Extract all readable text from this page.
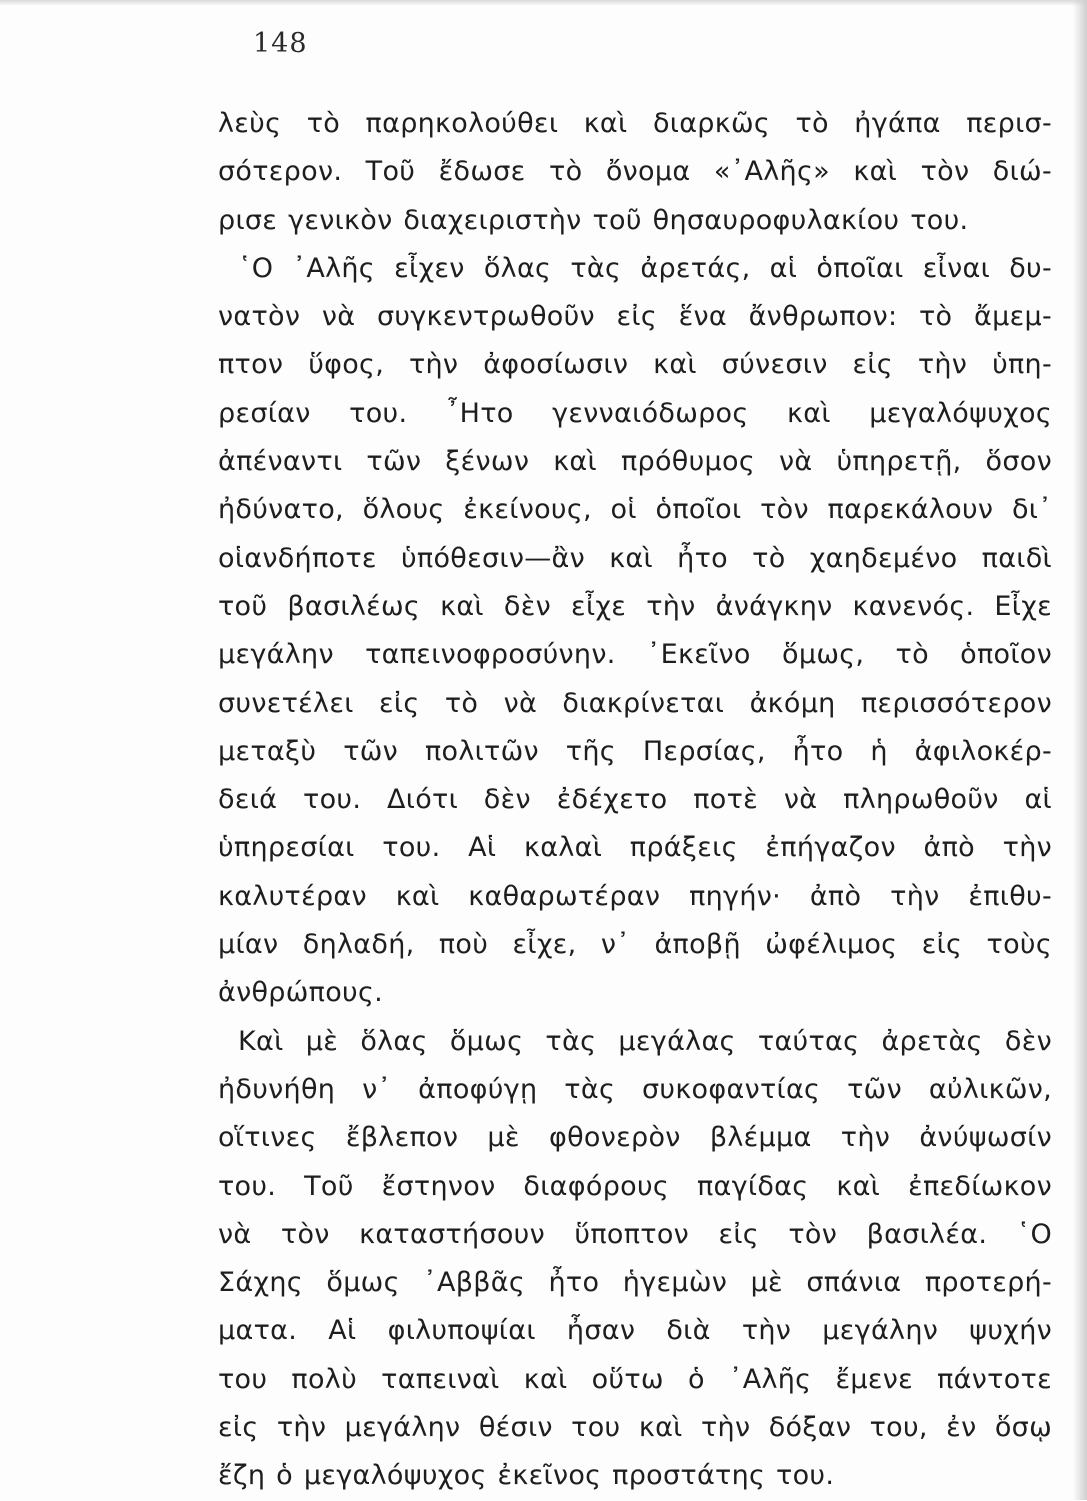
148
λεὺς τὸ παρηκολούθει καὶ διαρκῶς τὸ ἠγάπα περισ-
σότερον. Τοῦ ἔδωσε τὸ ὄνομα «᾿Αλῆς» καὶ τὸν διώ-
ρισε γενικὸν διαχειριστὴν τοῦ θησαυροφυλακίου του.
῾Ο ᾿Αλῆς εἶχεν ὅλας τὰς ἀρετάς, αἱ ὁποῖαι εἶναι δυ-
νατὸν νὰ συγκεντρωθοῦν εἰς ἕνα ἄνθρωπον: τὸ ἄμεμ-
πτον ὕφος, τὴν ἀφοσίωσιν καὶ σύνεσιν εἰς τὴν ὑπη-
ρεσίαν του. ῏Ητο γενναιόδωρος καὶ μεγαλόψυχος
ἀπέναντι τῶν ξένων καὶ πρόθυμος νὰ ὑπηρετῇ, ὅσον
ἠδύνατο, ὅλους ἐκείνους, οἱ ὁποῖοι τὸν παρεκάλουν δι᾿
οἱανδήποτε ὑπόθεσιν—ἂν καὶ ἦτο τὸ χαηδεμένο παιδὶ
τοῦ βασιλέως καὶ δὲν εἶχε τὴν ἀνάγκην κανενός. Εἶχε
μεγάλην ταπεινοφροσύνην. ᾿Εκεῖνο ὅμως, τὸ ὁποῖον
συνετέλει εἰς τὸ νὰ διακρίνεται ἀκόμη περισσότερον
μεταξὺ τῶν πολιτῶν τῆς Περσίας, ἦτο ἡ ἀφιλοκέρ-
δειά του. Διότι δὲν ἐδέχετο ποτὲ νὰ πληρωθοῦν αἱ
ὑπηρεσίαι του. Αἱ καλαὶ πράξεις ἐπήγαζον ἀπὸ τὴν
καλυτέραν καὶ καθαρωτέραν πηγήν· ἀπὸ τὴν ἐπιθυ-
μίαν δηλαδή, ποὺ εἶχε, ν᾿ ἀποβῇ ὠφέλιμος εἰς τοὺς
ἀνθρώπους.
Καὶ μὲ ὅλας ὅμως τὰς μεγάλας ταύτας ἀρετὰς δὲν
ἠδυνήθη ν᾿ ἀποφύγῃ τὰς συκοφαντίας τῶν αὐλικῶν,
οἵτινες ἔβλεπον μὲ φθονερὸν βλέμμα τὴν ἀνύψωσίν
του. Τοῦ ἔστηνον διαφόρους παγίδας καὶ ἐπεδίωκον
νὰ τὸν καταστήσουν ὕποπτον εἰς τὸν βασιλέα. ῾Ο
Σάχης ὅμως ᾿Αββᾶς ἦτο ἡγεμὼν μὲ σπάνια προτερή-
ματα. Αἱ φιλυποψίαι ἦσαν διὰ τὴν μεγάλην ψυχήν
του πολὺ ταπειναὶ καὶ οὕτω ὁ ᾿Αλῆς ἔμενε πάντοτε
εἰς τὴν μεγάλην θέσιν του καὶ τὴν δόξαν του, ἐν ὅσῳ
ἔζη ὁ μεγαλόψυχος ἐκεῖνος προστάτης του.
